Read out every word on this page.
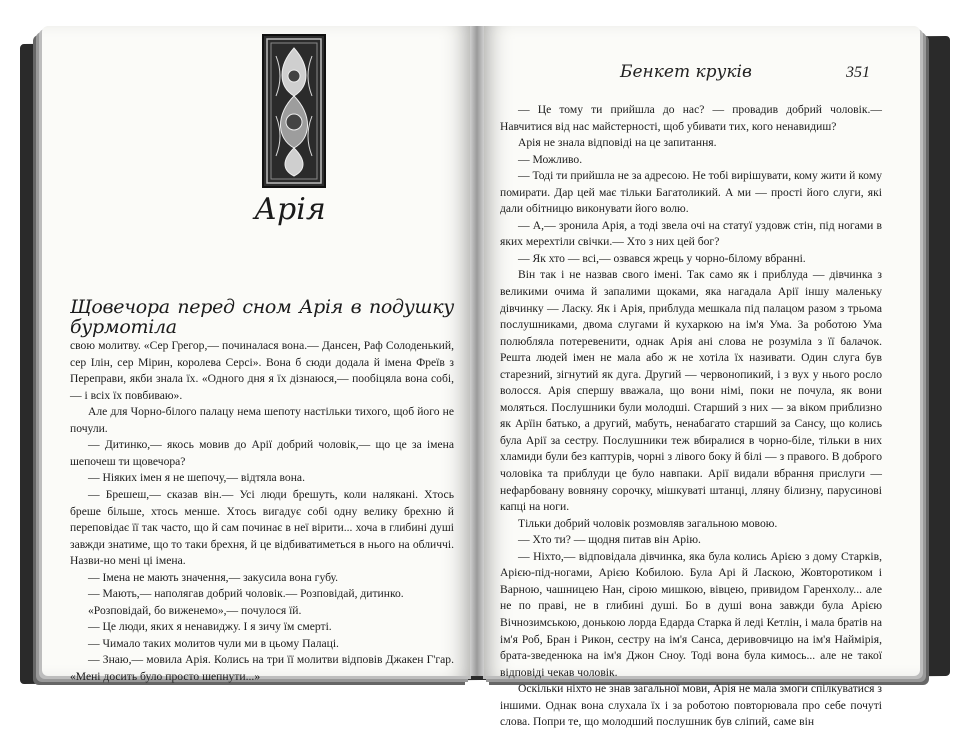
Арія
Бенкет круків	351

Щовечора перед сном Арія в подушку бурмотіла

свою молитву. «Сер Грегор,— починалася вона.— Дансен, Раф Солоденький, сер Ілін, сер Мірин, королева Серсі». Вона б сюди додала й імена Фреїв з Переправи, якби знала їх. «Одного дня я їх дізнаюся,— пообіцяла вона собі,— і всіх їх повбиваю».

Але для Чорно-білого палацу нема шепоту настільки тихого, щоб його не почули.

— Дитинко,— якось мовив до Арії добрий чоловік,— що це за імена шепочеш ти щовечора?

— Ніяких імен я не шепочу,— відтяла вона.

— Брешеш,— сказав він.— Усі люди брешуть, коли налякані. Хтось бреше більше, хтось менше. Хтось вигадує собі одну велику брехню й переповідає її так часто, що й сам починає в неї вірити... хоча в глибині душі завжди знатиме, що то таки брехня, й це відбиватиметься в нього на обличчі. Назви-но мені ці імена.

— Імена не мають значення,— закусила вона губу.

— Мають,— наполягав добрий чоловік.— Розповідай, дитинко.

«Розповідай, бо виженемо»,— почулося їй.

— Це люди, яких я ненавиджу. І я зичу їм смерті.

— Чимало таких молитов чули ми в цьому Палаці.

— Знаю,— мовила Арія. Колись на три її молитви відповів Джакен Г'гар. «Мені досить було просто шепнути...»

— Це тому ти прийшла до нас? — провадив добрий чоловік.— Навчитися від нас майстерності, щоб убивати тих, кого ненавидиш?

Арія не знала відповіді на це запитання.

— Можливо.

— Тоді ти прийшла не за адресою. Не тобі вирішувати, кому жити й кому помирати. Дар цей має тільки Багатоликий. А ми — прості його слуги, які дали обітницю виконувати його волю.

— А,— зронила Арія, а тоді звела очі на статуї уздовж стін, під ногами в яких мерехтіли свічки.— Хто з них цей бог?

— Як хто — всі,— озвався жрець у чорно-білому вбранні.

Він так і не назвав свого імені. Так само як і приблуда — дівчинка з великими очима й запалими щоками, яка нагадала Арії іншу маленьку дівчинку — Ласку. Як і Арія, приблуда мешкала під палацом разом з трьома послушниками, двома слугами й кухаркою на ім'я Ума. За роботою Ума полюбляла потеревенити, однак Арія ані слова не розуміла з її балачок. Решта людей імен не мала або ж не хотіла їх називати. Один слуга був старезний, зігнутий як дуга. Другий — червонопикий, і з вух у нього росло волосся. Арія спершу вважала, що вони німі, поки не почула, як вони моляться. Послушники були молодші. Старший з них — за віком приблизно як Арїін батько, а другий, мабуть, ненабагато старший за Сансу, що колись була Арії за сестру. Послушники теж вбиралися в чорно-біле, тільки в них хламиди були без каптурів, чорні з лівого боку й білі — з правого. В доброго чоловіка та приблуди це було навпаки. Арії видали вбрання прислуги — нефарбовану вовняну сорочку, мішкуваті штанці, лляну білизну, парусинові капці на ноги.

Тільки добрий чоловік розмовляв загальною мовою.

— Хто ти? — щодня питав він Арію.

— Ніхто,— відповідала дівчинка, яка була колись Арією з дому Старків, Арією-під-ногами, Арією Кобилою. Була Арі й Ласкою, Жовторотиком і Варною, чашницею Нан, сірою мишкою, вівцею, привидом Гаренхолу... але не по праві, не в глибині душі. Бо в душі вона завжди була Арією Вічнозимською, донькою лорда Едарда Старка й леді Кетлін, і мала братів на ім'я Роб, Бран і Рикон, сестру на ім'я Санса, деривовчицю на ім'я Наймірія, брата-зведенюка на ім'я Джон Сноу. Тоді вона була кимось... але не такої відповіді чекав чоловік.

Оскільки ніхто не знав загальної мови, Арія не мала змоги спілкуватися з іншими. Однак вона слухала їх і за роботою повторювала про себе почуті слова. Попри те, що молодший послушник був сліпий, саме він
